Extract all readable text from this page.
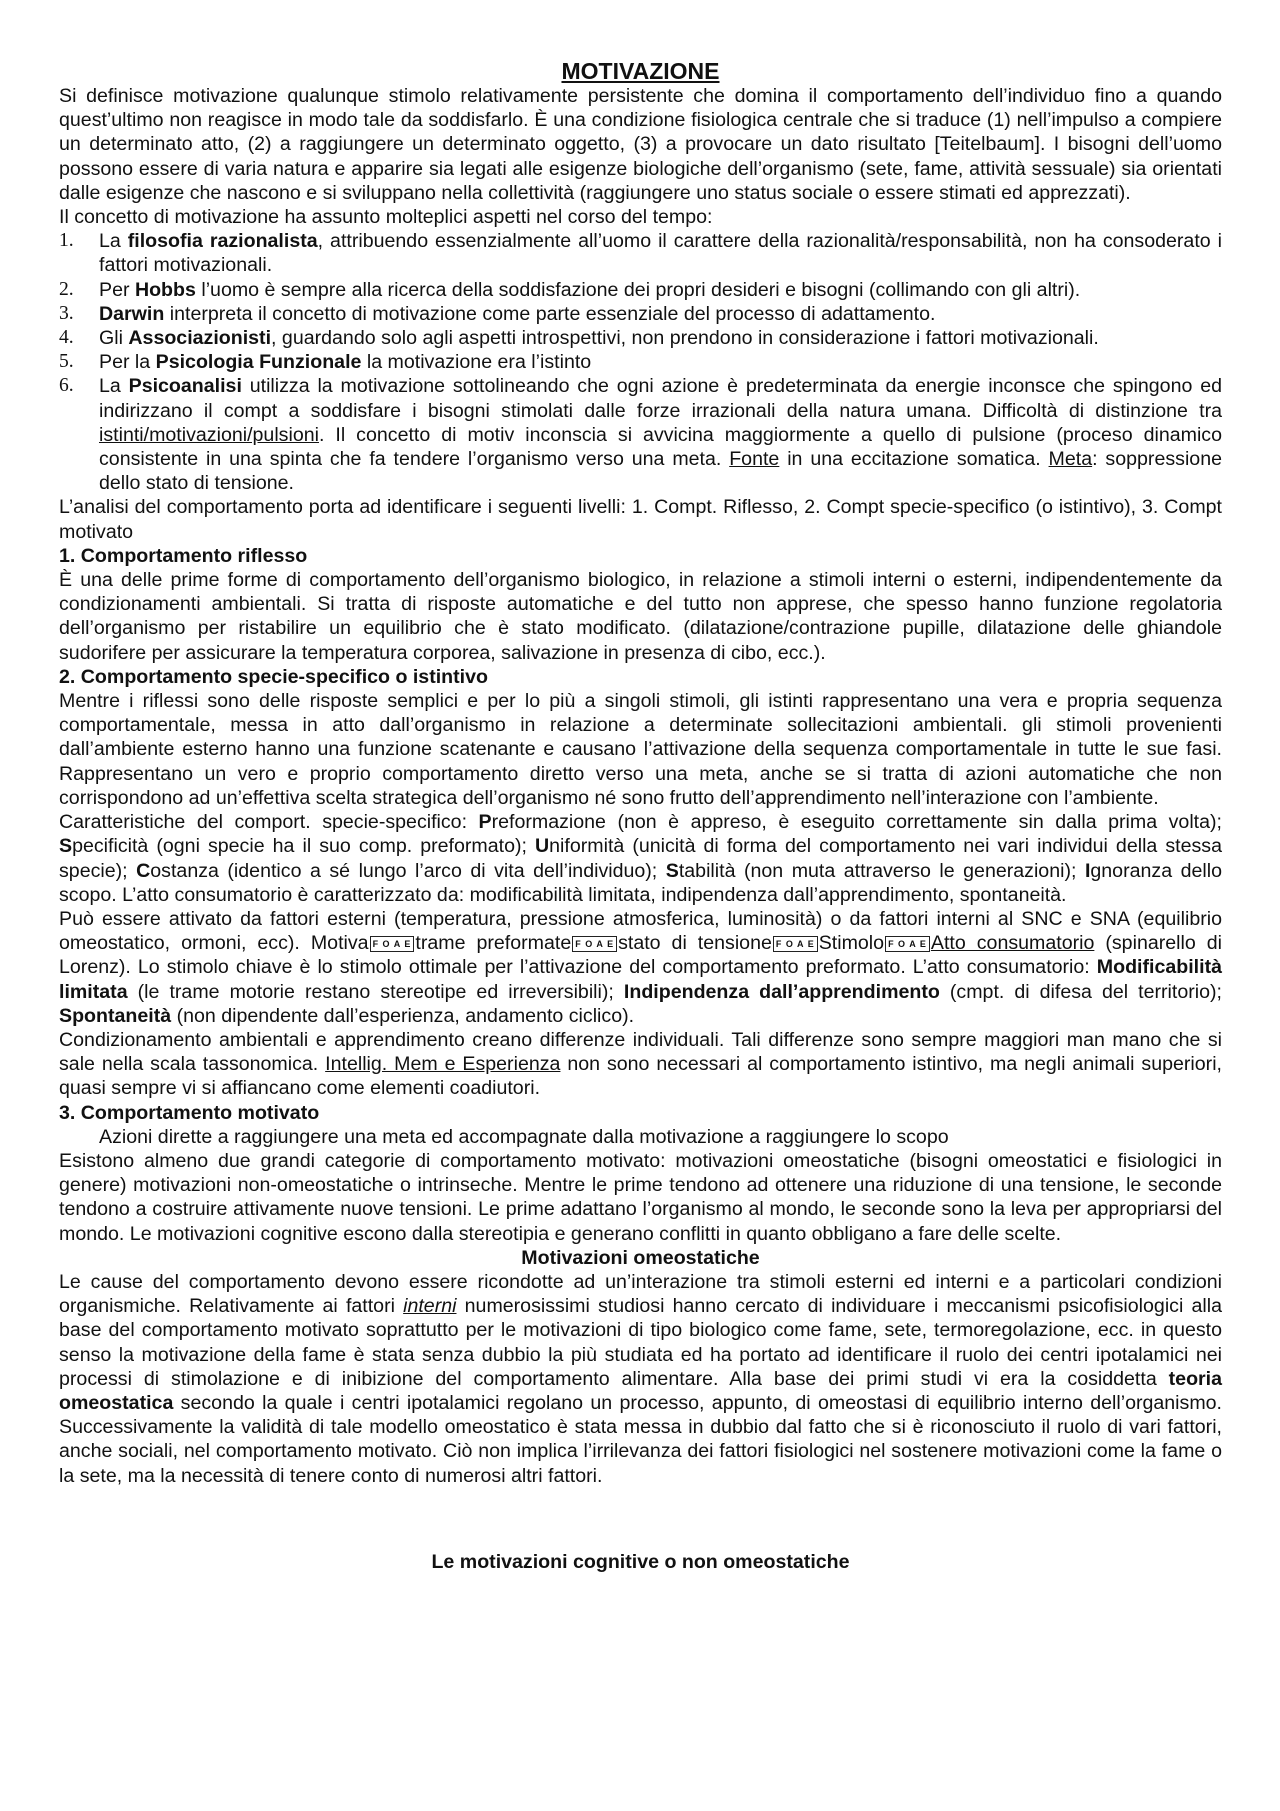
MOTIVAZIONE

Si definisce motivazione qualunque stimolo relativamente persistente che domina il comportamento dell’individuo fino a quando quest’ultimo non reagisce in modo tale da soddisfarlo. È una condizione fisiologica centrale che si traduce (1) nell’impulso a compiere un determinato atto, (2) a raggiungere un determinato oggetto, (3) a provocare un dato risultato [Teitelbaum]. I bisogni dell’uomo possono essere di varia natura e apparire sia legati alle esigenze biologiche dell’organismo (sete, fame, attività sessuale) sia orientati dalle esigenze che nascono e si sviluppano nella collettività (raggiungere uno status sociale o essere stimati ed apprezzati).

Il concetto di motivazione ha assunto molteplici aspetti nel corso del tempo:

1.	La filosofia razionalista, attribuendo essenzialmente all’uomo il carattere della razionalità/responsabilità, non ha consoderato i fattori motivazionali.
2.	Per Hobbs l’uomo è sempre alla ricerca della soddisfazione dei propri desideri e bisogni (collimando con gli altri).
3.	Darwin interpreta il concetto di motivazione come parte essenziale del processo di adattamento.
4.	Gli Associazionisti, guardando solo agli aspetti introspettivi, non prendono in considerazione i fattori motivazionali.
5.	Per la Psicologia Funzionale la motivazione era l’istinto
6.	La Psicoanalisi utilizza la motivazione sottolineando che ogni azione è predeterminata da energie inconsce che spingono ed indirizzano il compt a soddisfare i bisogni stimolati dalle forze irrazionali della natura umana. Difficoltà di distinzione tra istinti/motivazioni/pulsioni. Il concetto di motiv inconscia si avvicina maggiormente a quello di pulsione (proceso dinamico consistente in una spinta che fa tendere l’organismo verso una meta. Fonte in una eccitazione somatica. Meta: soppressione dello stato di tensione.

L’analisi del comportamento porta ad identificare i seguenti livelli: 1. Compt. Riflesso, 2. Compt specie-specifico (o istintivo), 3. Compt motivato

1. Comportamento riflesso

È una delle prime forme di comportamento dell’organismo biologico, in relazione a stimoli interni o esterni, indipendentemente da condizionamenti ambientali. Si tratta di risposte automatiche e del tutto non apprese, che spesso hanno funzione regolatoria dell’organismo per ristabilire un equilibrio che è stato modificato. (dilatazione/contrazione pupille, dilatazione delle ghiandole sudorifere per assicurare la temperatura corporea, salivazione in presenza di cibo, ecc.).

2. Comportamento specie-specifico o istintivo

Mentre i riflessi sono delle risposte semplici e per lo più a singoli stimoli, gli istinti rappresentano una vera e propria sequenza comportamentale, messa in atto dall’organismo in relazione a determinate sollecitazioni ambientali. gli stimoli provenienti dall’ambiente esterno hanno una funzione scatenante e causano l’attivazione della sequenza comportamentale in tutte le sue fasi. Rappresentano un vero e proprio comportamento diretto verso una meta, anche se si tratta di azioni automatiche che non corrispondono ad un’effettiva scelta strategica dell’organismo né sono frutto dell’apprendimento nell’interazione con l’ambiente.

Caratteristiche del comport. specie-specifico: Preformazione (non è appreso, è eseguito correttamente sin dalla prima volta); Specificità (ogni specie ha il suo comp. preformato); Uniformità (unicità di forma del comportamento nei vari individui della stessa specie); Costanza (identico a sé lungo l’arco di vita dell’individuo); Stabilità (non muta attraverso le generazioni); Ignoranza dello scopo. L’atto consumatorio è caratterizzato da: modificabilità limitata, indipendenza dall’apprendimento, spontaneità.

Può essere attivato da fattori esterni (temperatura, pressione atmosferica, luminosità) o da fattori interni al SNC e SNA (equilibrio omeostatico, ormoni, ecc). Motiva F O A E trame preformate F O A E stato di tensione F O A E Stimolo F O A E Atto consumatorio (spinarello di Lorenz). Lo stimolo chiave è lo stimolo ottimale per l’attivazione del comportamento preformato. L’atto consumatorio: Modificabilità limitata (le trame motorie restano stereotipe ed irreversibili); Indipendenza dall’apprendimento (cmpt. di difesa del territorio); Spontaneità (non dipendente dall’esperienza, andamento ciclico).

Condizionamento ambientali e apprendimento creano differenze individuali. Tali differenze sono sempre maggiori man mano che si sale nella scala tassonomica. Intellig. Mem e Esperienza non sono necessari al comportamento istintivo, ma negli animali superiori, quasi sempre vi si affiancano come elementi coadiutori.

3. Comportamento motivato

Azioni dirette a raggiungere una meta ed accompagnate dalla motivazione a raggiungere lo scopo

Esistono almeno due grandi categorie di comportamento motivato: motivazioni omeostatiche (bisogni omeostatici e fisiologici in genere) motivazioni non-omeostatiche o intrinseche. Mentre le prime tendono ad ottenere una riduzione di una tensione, le seconde tendono a costruire attivamente nuove tensioni. Le prime adattano l’organismo al mondo, le seconde sono la leva per appropriarsi del mondo. Le motivazioni cognitive escono dalla stereotipia e generano conflitti in quanto obbligano a fare delle scelte.

Motivazioni omeostatiche

Le cause del comportamento devono essere ricondotte ad un’interazione tra stimoli esterni ed interni e a particolari condizioni organismiche. Relativamente ai fattori interni numerosissimi studiosi hanno cercato di individuare i meccanismi psicofisiologici alla base del comportamento motivato soprattutto per le motivazioni di tipo biologico come fame, sete, termoregolazione, ecc. in questo senso la motivazione della fame è stata senza dubbio la più studiata ed ha portato ad identificare il ruolo dei centri ipotalamici nei processi di stimolazione e di inibizione del comportamento alimentare. Alla base dei primi studi vi era la cosiddetta teoria omeostatica secondo la quale i centri ipotalamici regolano un processo, appunto, di omeostasi di equilibrio interno dell’organismo. Successivamente la validità di tale modello omeostatico è stata messa in dubbio dal fatto che si è riconosciuto il ruolo di vari fattori, anche sociali, nel comportamento motivato. Ciò non implica l’irrilevanza dei fattori fisiologici nel sostenere motivazioni come la fame o la sete, ma la necessità di tenere conto di numerosi altri fattori.

Le motivazioni cognitive o non omeostatiche
